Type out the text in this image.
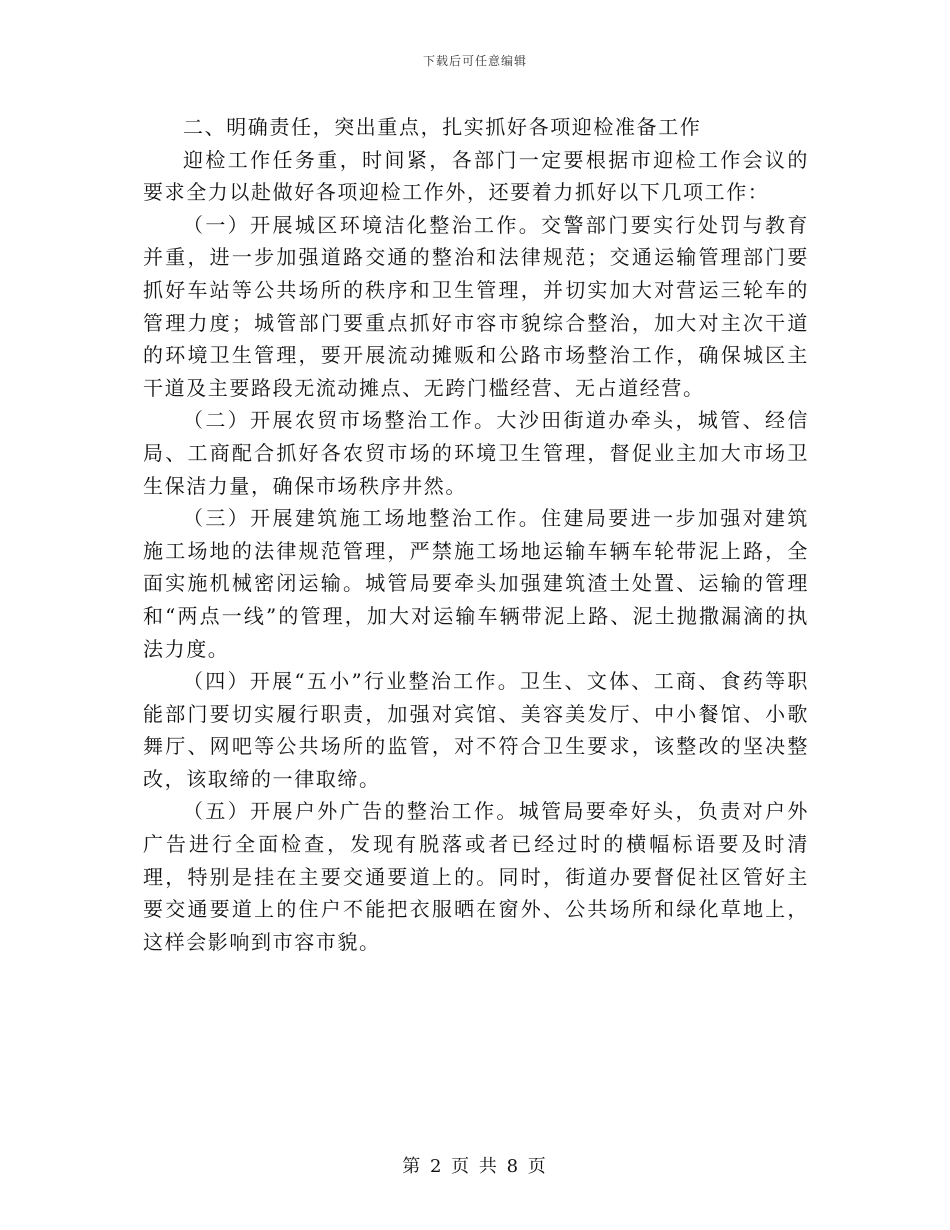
下载后可任意编辑

二、明确责任，突出重点，扎实抓好各项迎检准备工作

迎检工作任务重，时间紧，各部门一定要根据市迎检工作会议的要求全力以赴做好各项迎检工作外，还要着力抓好以下几项工作：

（一）开展城区环境洁化整治工作。交警部门要实行处罚与教育并重，进一步加强道路交通的整治和法律规范；交通运输管理部门要抓好车站等公共场所的秩序和卫生管理，并切实加大对营运三轮车的管理力度；城管部门要重点抓好市容市貌综合整治，加大对主次干道的环境卫生管理，要开展流动摊贩和公路市场整治工作，确保城区主干道及主要路段无流动摊点、无跨门槛经营、无占道经营。

（二）开展农贸市场整治工作。大沙田街道办牵头，城管、经信局、工商配合抓好各农贸市场的环境卫生管理，督促业主加大市场卫生保洁力量，确保市场秩序井然。

（三）开展建筑施工场地整治工作。住建局要进一步加强对建筑施工场地的法律规范管理，严禁施工场地运输车辆车轮带泥上路，全面实施机械密闭运输。城管局要牵头加强建筑渣土处置、运输的管理和“两点一线”的管理，加大对运输车辆带泥上路、泥土抛撒漏滴的执法力度。

（四）开展“五小”行业整治工作。卫生、文体、工商、食药等职能部门要切实履行职责，加强对宾馆、美容美发厅、中小餐馆、小歌舞厅、网吧等公共场所的监管，对不符合卫生要求，该整改的坚决整改，该取缔的一律取缔。

（五）开展户外广告的整治工作。城管局要牵好头，负责对户外广告进行全面检查，发现有脱落或者已经过时的横幅标语要及时清理，特别是挂在主要交通要道上的。同时，街道办要督促社区管好主要交通要道上的住户不能把衣服晒在窗外、公共场所和绿化草地上，这样会影响到市容市貌。

第 2 页 共 8 页
